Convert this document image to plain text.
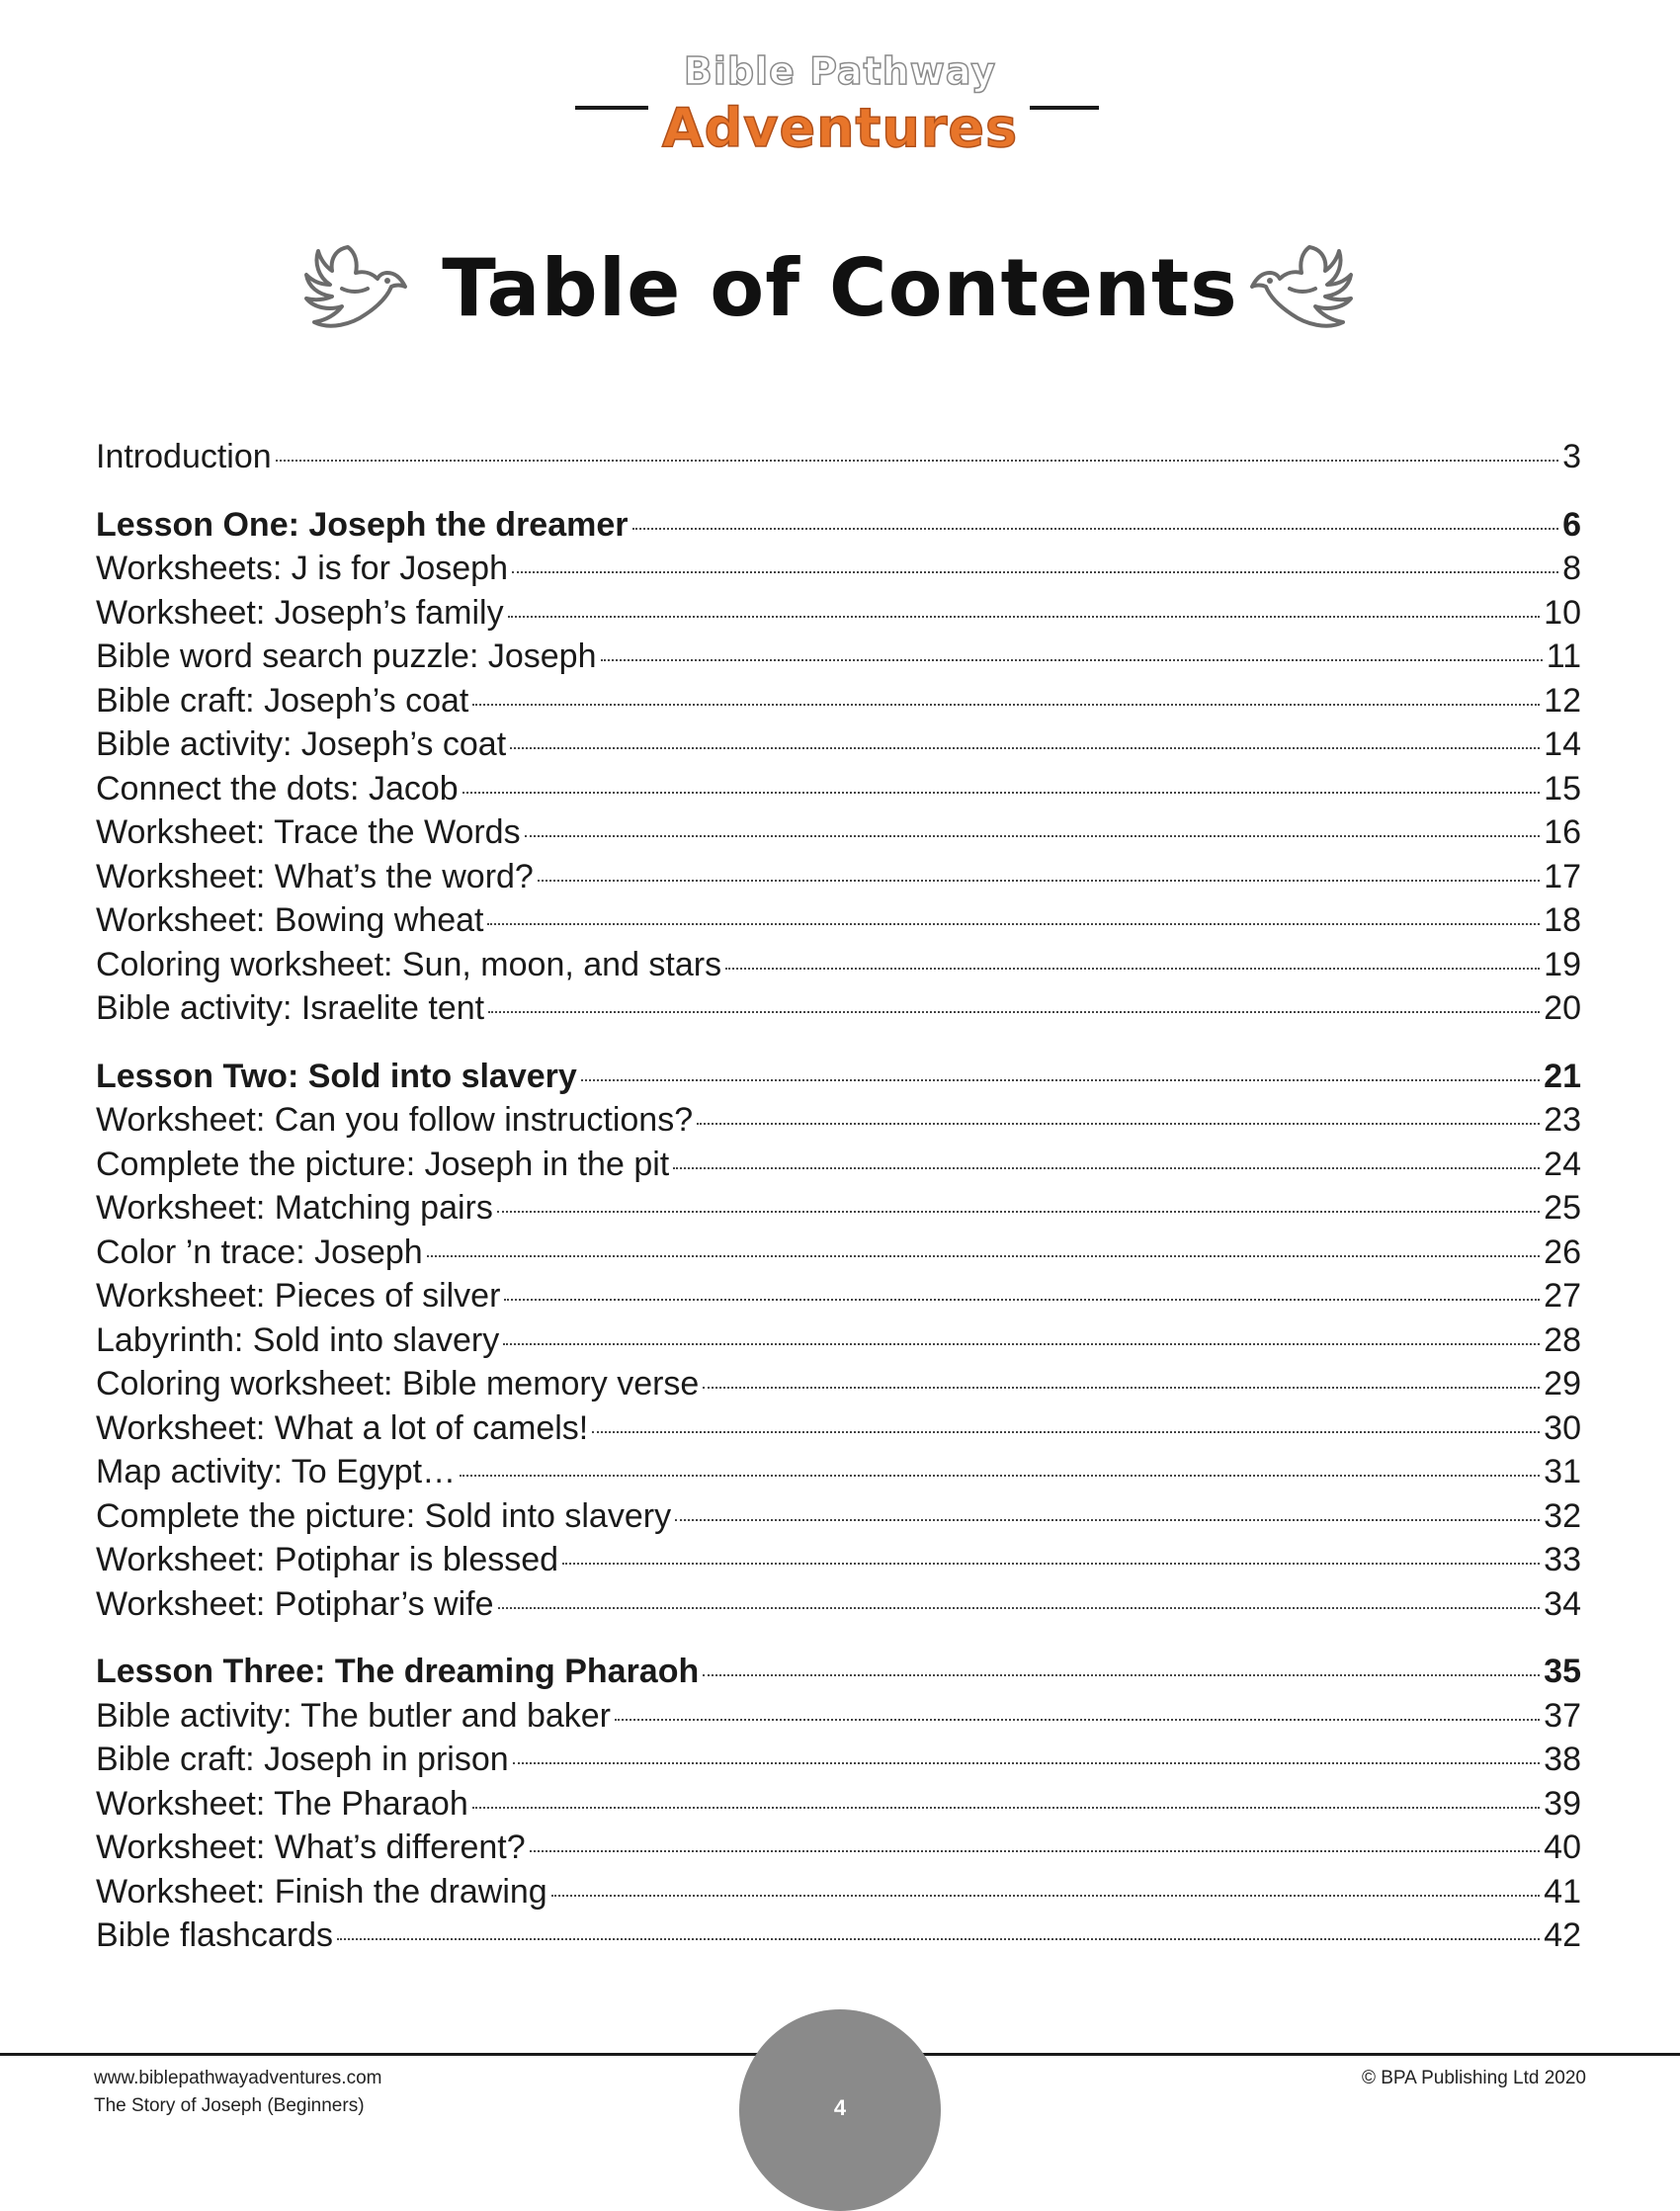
Bible Pathway
Adventures
Table of Contents
Introduction	3
Lesson One: Joseph the dreamer	6
Worksheets: J is for Joseph	8
Worksheet: Joseph’s family	10
Bible word search puzzle: Joseph	11
Bible craft: Joseph’s coat	12
Bible activity: Joseph’s coat	14
Connect the dots: Jacob	15
Worksheet: Trace the Words	16
Worksheet: What’s the word?	17
Worksheet: Bowing wheat	18
Coloring worksheet: Sun, moon, and stars	19
Bible activity: Israelite tent	20
Lesson Two: Sold into slavery	21
Worksheet: Can you follow instructions?	23
Complete the picture: Joseph in the pit	24
Worksheet: Matching pairs	25
Color ’n trace: Joseph	26
Worksheet: Pieces of silver	27
Labyrinth: Sold into slavery	28
Coloring worksheet: Bible memory verse	29
Worksheet: What a lot of camels!	30
Map activity: To Egypt…	31
Complete the picture: Sold into slavery	32
Worksheet: Potiphar is blessed	33
Worksheet: Potiphar’s wife	34
Lesson Three: The dreaming Pharaoh	35
Bible activity: The butler and baker	37
Bible craft: Joseph in prison	38
Worksheet: The Pharaoh	39
Worksheet: What’s different?	40
Worksheet: Finish the drawing	41
Bible flashcards	42
www.biblepathwayadventures.com
The Story of Joseph (Beginners)
© BPA Publishing Ltd 2020
4
